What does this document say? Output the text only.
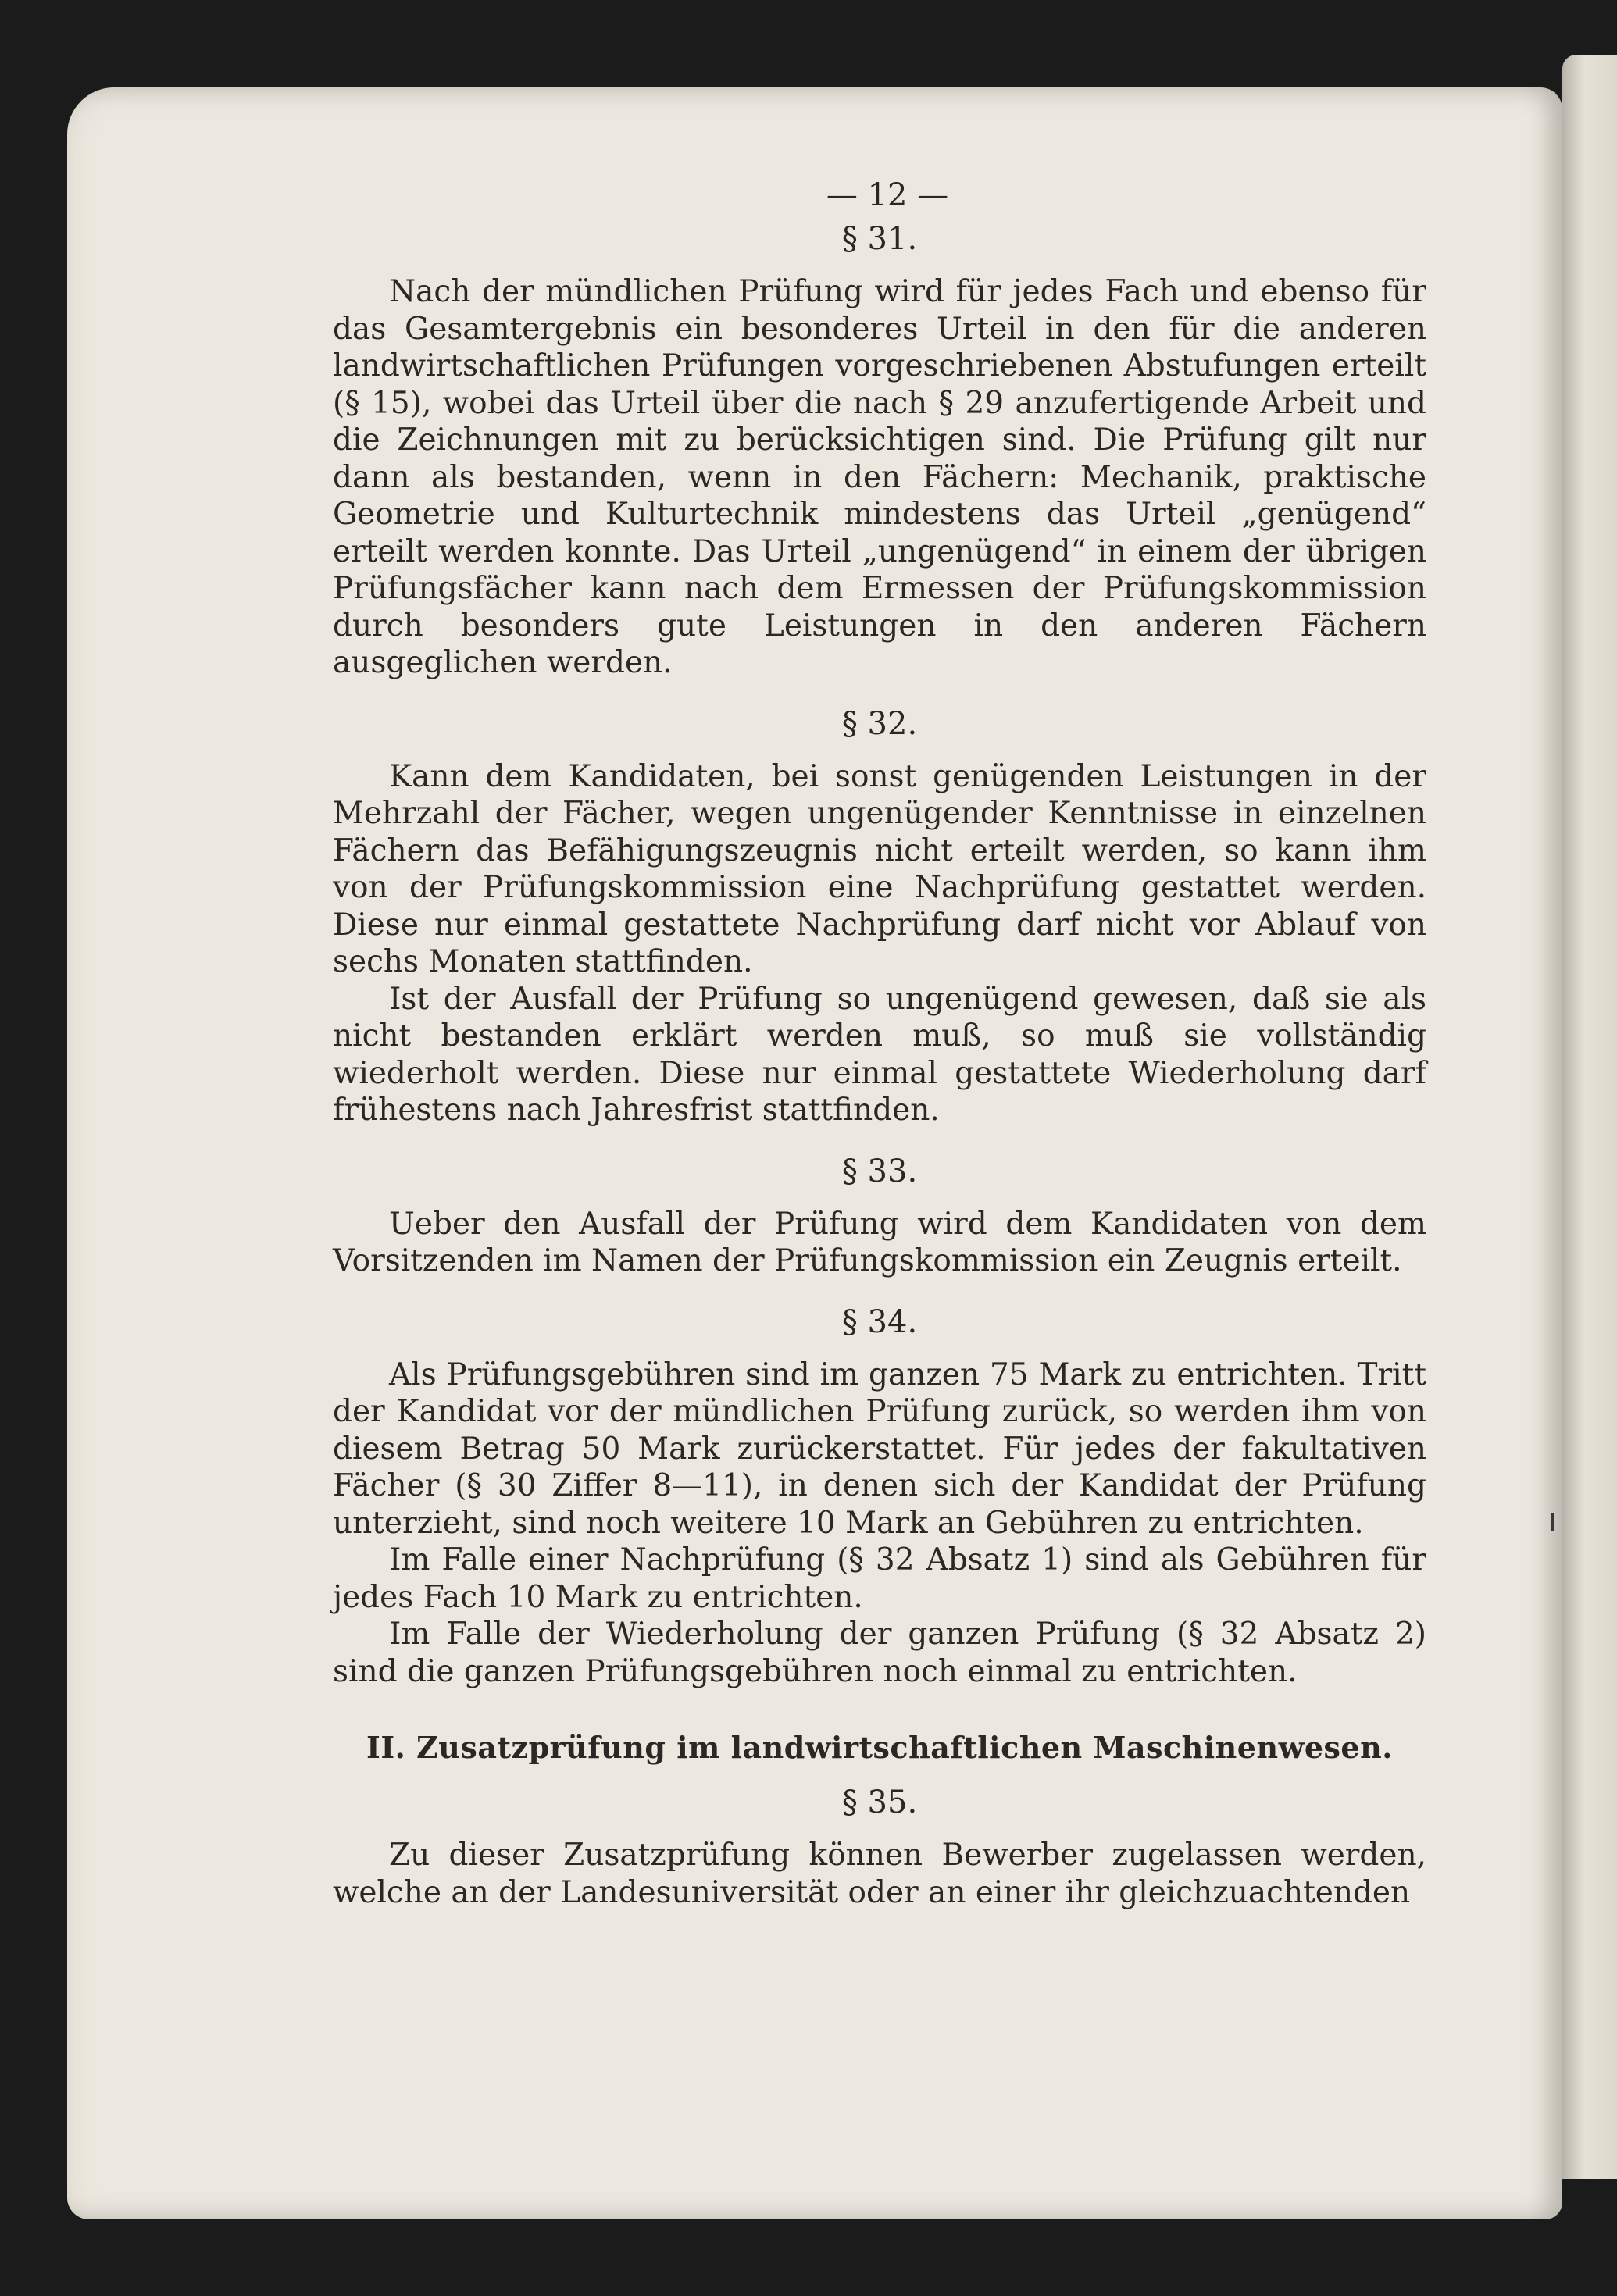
— 12 —
§ 31.

Nach der mündlichen Prüfung wird für jedes Fach und ebenso für das Gesamtergebnis ein besonderes Urteil in den für die anderen landwirtschaftlichen Prüfungen vorgeschriebenen Abstufungen erteilt (§ 15), wobei das Urteil über die nach § 29 anzufertigende Arbeit und die Zeichnungen mit zu berücksichtigen sind. Die Prüfung gilt nur dann als bestanden, wenn in den Fächern: Mechanik, praktische Geometrie und Kulturtechnik mindestens das Urteil „genügend“ erteilt werden konnte. Das Urteil „ungenügend“ in einem der übrigen Prüfungsfächer kann nach dem Ermessen der Prüfungskommission durch besonders gute Leistungen in den anderen Fächern ausgeglichen werden.

§ 32.

Kann dem Kandidaten, bei sonst genügenden Leistungen in der Mehrzahl der Fächer, wegen ungenügender Kenntnisse in einzelnen Fächern das Befähigungszeugnis nicht erteilt werden, so kann ihm von der Prüfungskommission eine Nachprüfung gestattet werden. Diese nur einmal gestattete Nachprüfung darf nicht vor Ablauf von sechs Monaten stattfinden.

Ist der Ausfall der Prüfung so ungenügend gewesen, daß sie als nicht bestanden erklärt werden muß, so muß sie vollständig wiederholt werden. Diese nur einmal gestattete Wiederholung darf frühestens nach Jahresfrist stattfinden.

§ 33.

Ueber den Ausfall der Prüfung wird dem Kandidaten von dem Vorsitzenden im Namen der Prüfungskommission ein Zeugnis erteilt.

§ 34.

Als Prüfungsgebühren sind im ganzen 75 Mark zu entrichten. Tritt der Kandidat vor der mündlichen Prüfung zurück, so werden ihm von diesem Betrag 50 Mark zurückerstattet. Für jedes der fakultativen Fächer (§ 30 Ziffer 8—11), in denen sich der Kandidat der Prüfung unterzieht, sind noch weitere 10 Mark an Gebühren zu entrichten.

Im Falle einer Nachprüfung (§ 32 Absatz 1) sind als Gebühren für jedes Fach 10 Mark zu entrichten.

Im Falle der Wiederholung der ganzen Prüfung (§ 32 Absatz 2) sind die ganzen Prüfungsgebühren noch einmal zu entrichten.

II. Zusatzprüfung im landwirtschaftlichen Maschinenwesen.
§ 35.

Zu dieser Zusatzprüfung können Bewerber zugelassen werden, welche an der Landesuniversität oder an einer ihr gleichzuachtenden
